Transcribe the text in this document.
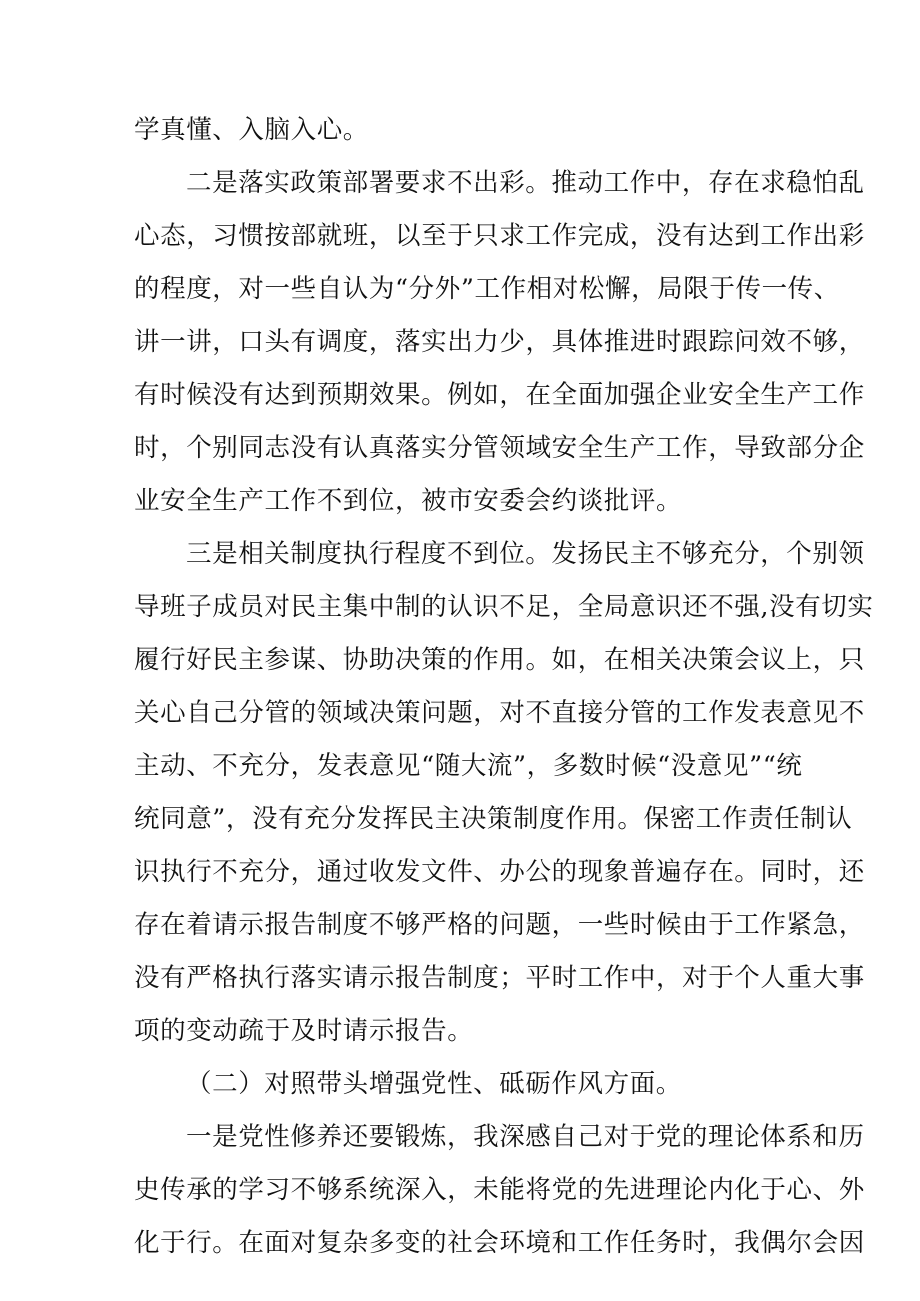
学真懂、入脑入心。
二是落实政策部署要求不出彩。推动工作中，存在求稳怕乱
心态，习惯按部就班，以至于只求工作完成，没有达到工作出彩
的程度，对一些自认为“分外”工作相对松懈，局限于传一传、
讲一讲，口头有调度，落实出力少，具体推进时跟踪问效不够，
有时候没有达到预期效果。例如，在全面加强企业安全生产工作
时，个别同志没有认真落实分管领域安全生产工作，导致部分企
业安全生产工作不到位，被市安委会约谈批评。
三是相关制度执行程度不到位。发扬民主不够充分，个别领
导班子成员对民主集中制的认识不足，全局意识还不强,没有切实
履行好民主参谋、协助决策的作用。如，在相关决策会议上，只
关心自己分管的领域决策问题，对不直接分管的工作发表意见不
主动、不充分，发表意见“随大流”，多数时候“没意见”“统
统同意”，没有充分发挥民主决策制度作用。保密工作责任制认
识执行不充分，通过收发文件、办公的现象普遍存在。同时，还
存在着请示报告制度不够严格的问题，一些时候由于工作紧急，
没有严格执行落实请示报告制度；平时工作中，对于个人重大事
项的变动疏于及时请示报告。
（二）对照带头增强党性、砥砺作风方面。
一是党性修养还要锻炼，我深感自己对于党的理论体系和历
史传承的学习不够系统深入，未能将党的先进理论内化于心、外
化于行。在面对复杂多变的社会环境和工作任务时，我偶尔会因
